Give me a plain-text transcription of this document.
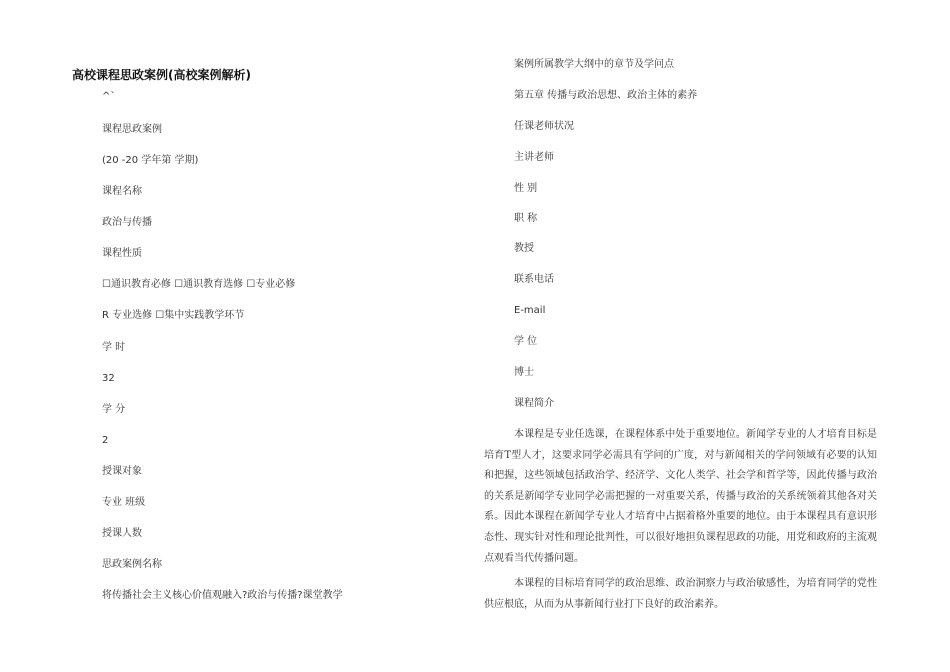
高校课程思政案例(高校案例解析)
^`
课程思政案例
(20 -20 学年第 学期)
课程名称
政治与传播
课程性质
☐通识教育必修 ☐通识教育选修 ☐专业必修
R 专业选修 ☐集中实践教学环节
学 时
32
学 分
2
授课对象
专业 班级
授课人数
思政案例名称
将传播社会主义核心价值观融入?政治与传播?课堂教学
案例所属教学大纲中的章节及学问点
第五章 传播与政治思想、政治主体的素养
任课老师状况
主讲老师
性 别
职 称
教授
联系电话
E-mail
学 位
博士
课程简介

本课程是专业任选课，在课程体系中处于重要地位。新闻学专业的人才培育目标是培育T型人才，这要求同学必需具有学问的广度，对与新闻相关的学问领域有必要的认知和把握，这些领域包括政治学、经济学、文化人类学、社会学和哲学等，因此传播与政治的关系是新闻学专业同学必需把握的一对重要关系，传播与政治的关系统领着其他各对关系。因此本课程在新闻学专业人才培育中占据着格外重要的地位。由于本课程具有意识形态性、现实针对性和理论批判性，可以很好地担负课程思政的功能，用党和政府的主流观点观看当代传播问题。

本课程的目标培育同学的政治思维、政治洞察力与政治敏感性，为培育同学的党性供应根底，从而为从事新闻行业打下良好的政治素养。
